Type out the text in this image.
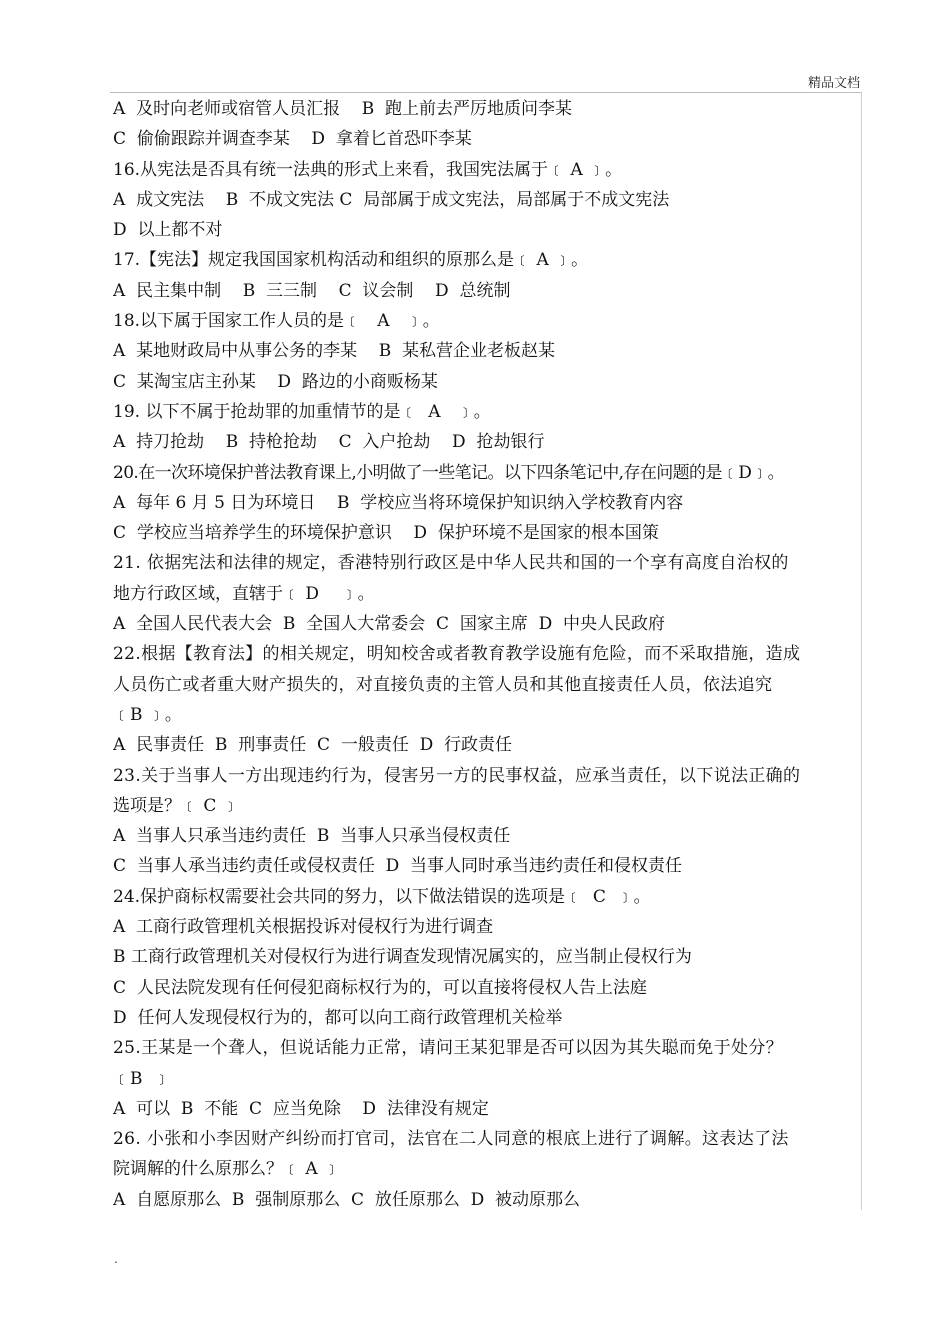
精品文档
A  及时向老师或宿管人员汇报    B  跑上前去严厉地质问李某
C  偷偷跟踪并调查李某    D  拿着匕首恐吓李某
16.从宪法是否具有统一法典的形式上来看，我国宪法属于﹝ A ﹞。
A  成文宪法    B  不成文宪法 C  局部属于成文宪法，局部属于不成文宪法
D  以上都不对
17.【宪法】规定我国国家机构活动和组织的原那么是﹝ A ﹞。
A  民主集中制    B  三三制    C  议会制    D  总统制
18.以下属于国家工作人员的是﹝   A   ﹞。
A  某地财政局中从事公务的李某    B  某私营企业老板赵某
C  某淘宝店主孙某    D  路边的小商贩杨某
19. 以下不属于抢劫罪的加重情节的是﹝  A   ﹞。
A  持刀抢劫    B  持枪抢劫    C  入户抢劫    D  抢劫银行
20.在一次环境保护普法教育课上,小明做了一些笔记。以下四条笔记中,存在问题的是﹝D﹞。
A  每年 6 月 5 日为环境日    B  学校应当将环境保护知识纳入学校教育内容
C  学校应当培养学生的环境保护意识    D  保护环境不是国家的根本国策
21. 依据宪法和法律的规定，香港特别行政区是中华人民共和国的一个享有高度自治权的
地方行政区域，直辖于﹝ D    ﹞。
A  全国人民代表大会  B  全国人大常委会  C  国家主席  D  中央人民政府
22.根据【教育法】的相关规定，明知校舍或者教育教学设施有危险，而不采取措施，造成
人员伤亡或者重大财产损失的，对直接负责的主管人员和其他直接责任人员，依法追究
﹝B ﹞。
A  民事责任  B  刑事责任  C  一般责任  D  行政责任
23.关于当事人一方出现违约行为，侵害另一方的民事权益，应承当责任，以下说法正确的
选项是？﹝ C ﹞
A  当事人只承当违约责任  B  当事人只承当侵权责任
C  当事人承当违约责任或侵权责任  D  当事人同时承当违约责任和侵权责任
24.保护商标权需要社会共同的努力，以下做法错误的选项是﹝  C  ﹞。
A  工商行政管理机关根据投诉对侵权行为进行调查
B 工商行政管理机关对侵权行为进行调查发现情况属实的，应当制止侵权行为
C  人民法院发现有任何侵犯商标权行为的，可以直接将侵权人告上法庭
D  任何人发现侵权行为的，都可以向工商行政管理机关检举
25.王某是一个聋人，但说话能力正常，请问王某犯罪是否可以因为其失聪而免于处分？
﹝B  ﹞
A  可以  B  不能  C  应当免除    D  法律没有规定
26. 小张和小李因财产纠纷而打官司，法官在二人同意的根底上进行了调解。这表达了法
院调解的什么原那么？﹝ A ﹞
A  自愿原那么  B  强制原那么  C  放任原那么  D  被动原那么
.
